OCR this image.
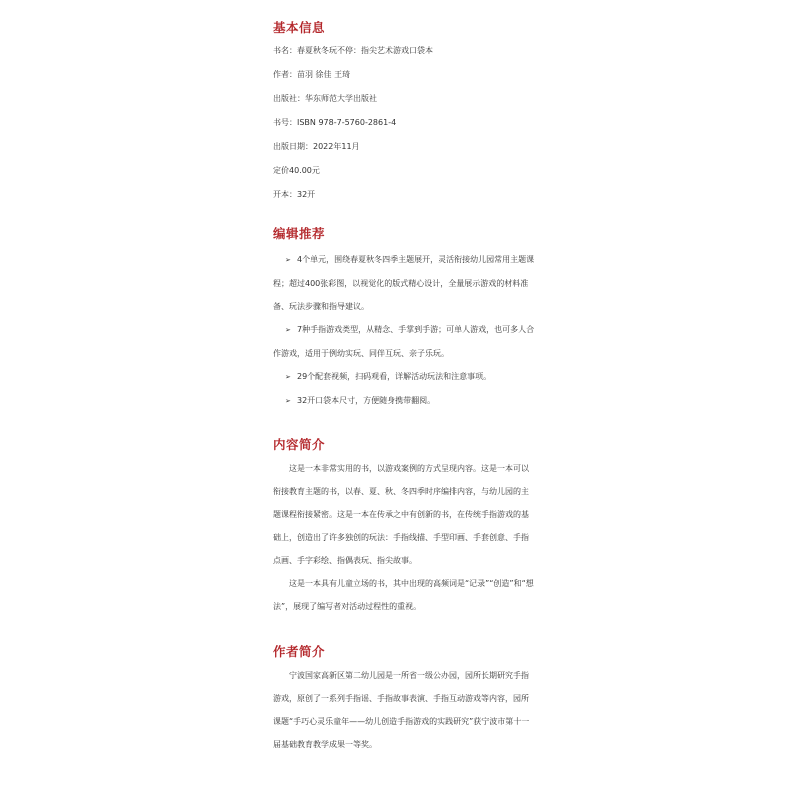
基本信息

书名：春夏秋冬玩不停：指尖艺术游戏口袋本

作者：苗羽 徐佳 王琦

出版社：华东师范大学出版社

书号：ISBN 978-7-5760-2861-4

出版日期：2022年11月

定价40.00元

开本：32开

编辑推荐

➢ 4个单元，围绕春夏秋冬四季主题展开，灵活衔接幼儿园常用主题课程；超过400张彩图，以视觉化的版式精心设计，全量展示游戏的材料准备、玩法步骤和指导建议。

➢ 7种手指游戏类型，从精念、手掌到手游；可单人游戏，也可多人合作游戏，适用于例幼实玩、同伴互玩、亲子乐玩。

➢ 29个配套视频，扫码观看，详解活动玩法和注意事项。

➢ 32开口袋本尺寸，方便随身携带翻阅。

内容简介

这是一本非常实用的书，以游戏案例的方式呈现内容。这是一本可以衔接教育主题的书，以春、夏、秋、冬四季时序编排内容，与幼儿园的主题课程衔接紧密。这是一本在传承之中有创新的书，在传统手指游戏的基础上，创造出了许多独创的玩法：手指线描、手型印画、手套创意、手指点画、手字彩绘、指偶表玩、指尖故事。

这是一本具有儿童立场的书，其中出现的高频词是“记录”“创造”和“想法”，展现了编写者对活动过程性的重视。

作者简介

宁波国家高新区第二幼儿园是一所省一级公办园，园所长期研究手指游戏，原创了一系列手指谣、手指故事表演、手指互动游戏等内容，园所课题“手巧心灵乐童年——幼儿创造手指游戏的实践研究”获宁波市第十一届基础教育教学成果一等奖。
